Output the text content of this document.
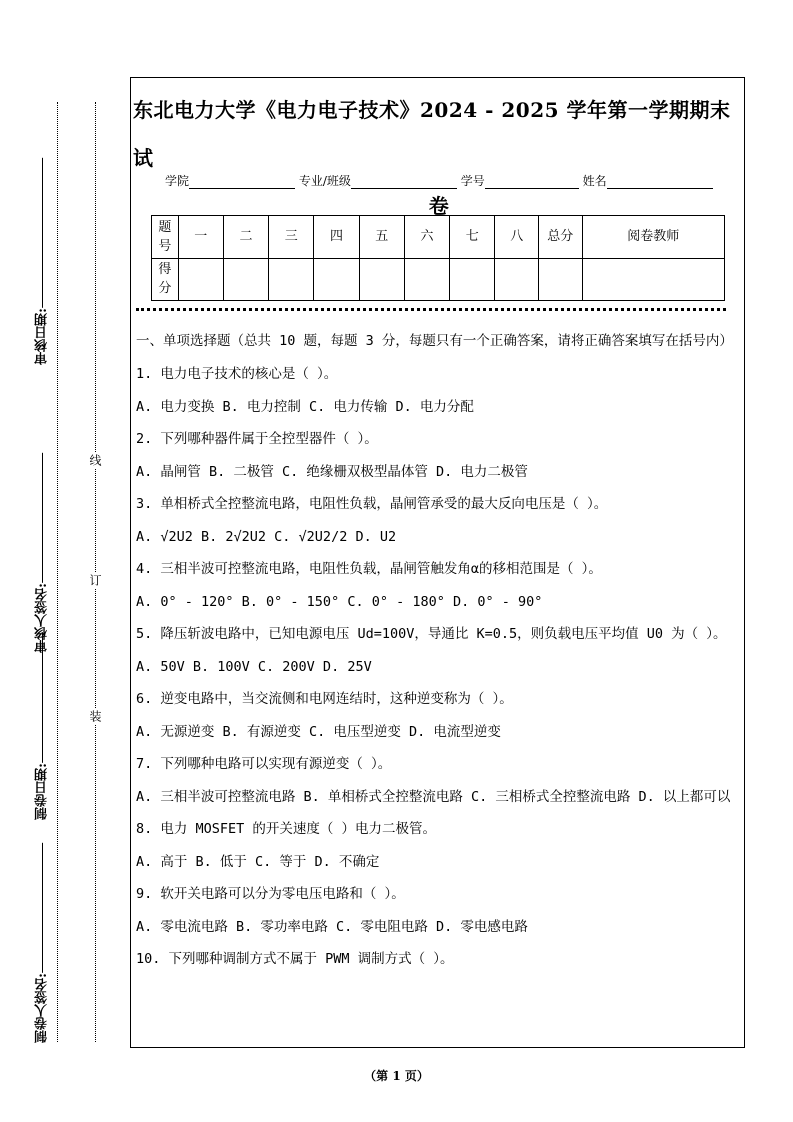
审核日期:
审核人签名:
制卷日期:
制卷人签名:
线
订
装
东北电力大学《电力电子技术》2024 - 2025 学年第一学期期末试
卷
学院	专业/班级	学号	姓名
题号	一	二	三	四	五	六	七	八	总分	阅卷教师
得分										
一、单项选择题（总共 10 题，每题 3 分，每题只有一个正确答案，请将正确答案填写在括号内）
1. 电力电子技术的核心是（ ）。
A. 电力变换 B. 电力控制 C. 电力传输 D. 电力分配
2. 下列哪种器件属于全控型器件（ ）。
A. 晶闸管 B. 二极管 C. 绝缘栅双极型晶体管 D. 电力二极管
3. 单相桥式全控整流电路，电阻性负载，晶闸管承受的最大反向电压是（ ）。
A. √2U2 B. 2√2U2 C. √2U2/2 D. U2
4. 三相半波可控整流电路，电阻性负载，晶闸管触发角α的移相范围是（ ）。
A. 0° - 120° B. 0° - 150° C. 0° - 180° D. 0° - 90°
5. 降压斩波电路中，已知电源电压 Ud=100V，导通比 K=0.5，则负载电压平均值 U0 为（ ）。
A. 50V B. 100V C. 200V D. 25V
6. 逆变电路中，当交流侧和电网连结时，这种逆变称为（ ）。
A. 无源逆变 B. 有源逆变 C. 电压型逆变 D. 电流型逆变
7. 下列哪种电路可以实现有源逆变（ ）。
A. 三相半波可控整流电路 B. 单相桥式全控整流电路 C. 三相桥式全控整流电路 D. 以上都可以
8. 电力 MOSFET 的开关速度（ ）电力二极管。
A. 高于 B. 低于 C. 等于 D. 不确定
9. 软开关电路可以分为零电压电路和（ ）。
A. 零电流电路 B. 零功率电路 C. 零电阻电路 D. 零电感电路
10. 下列哪种调制方式不属于 PWM 调制方式（ ）。
（第 1 页）
